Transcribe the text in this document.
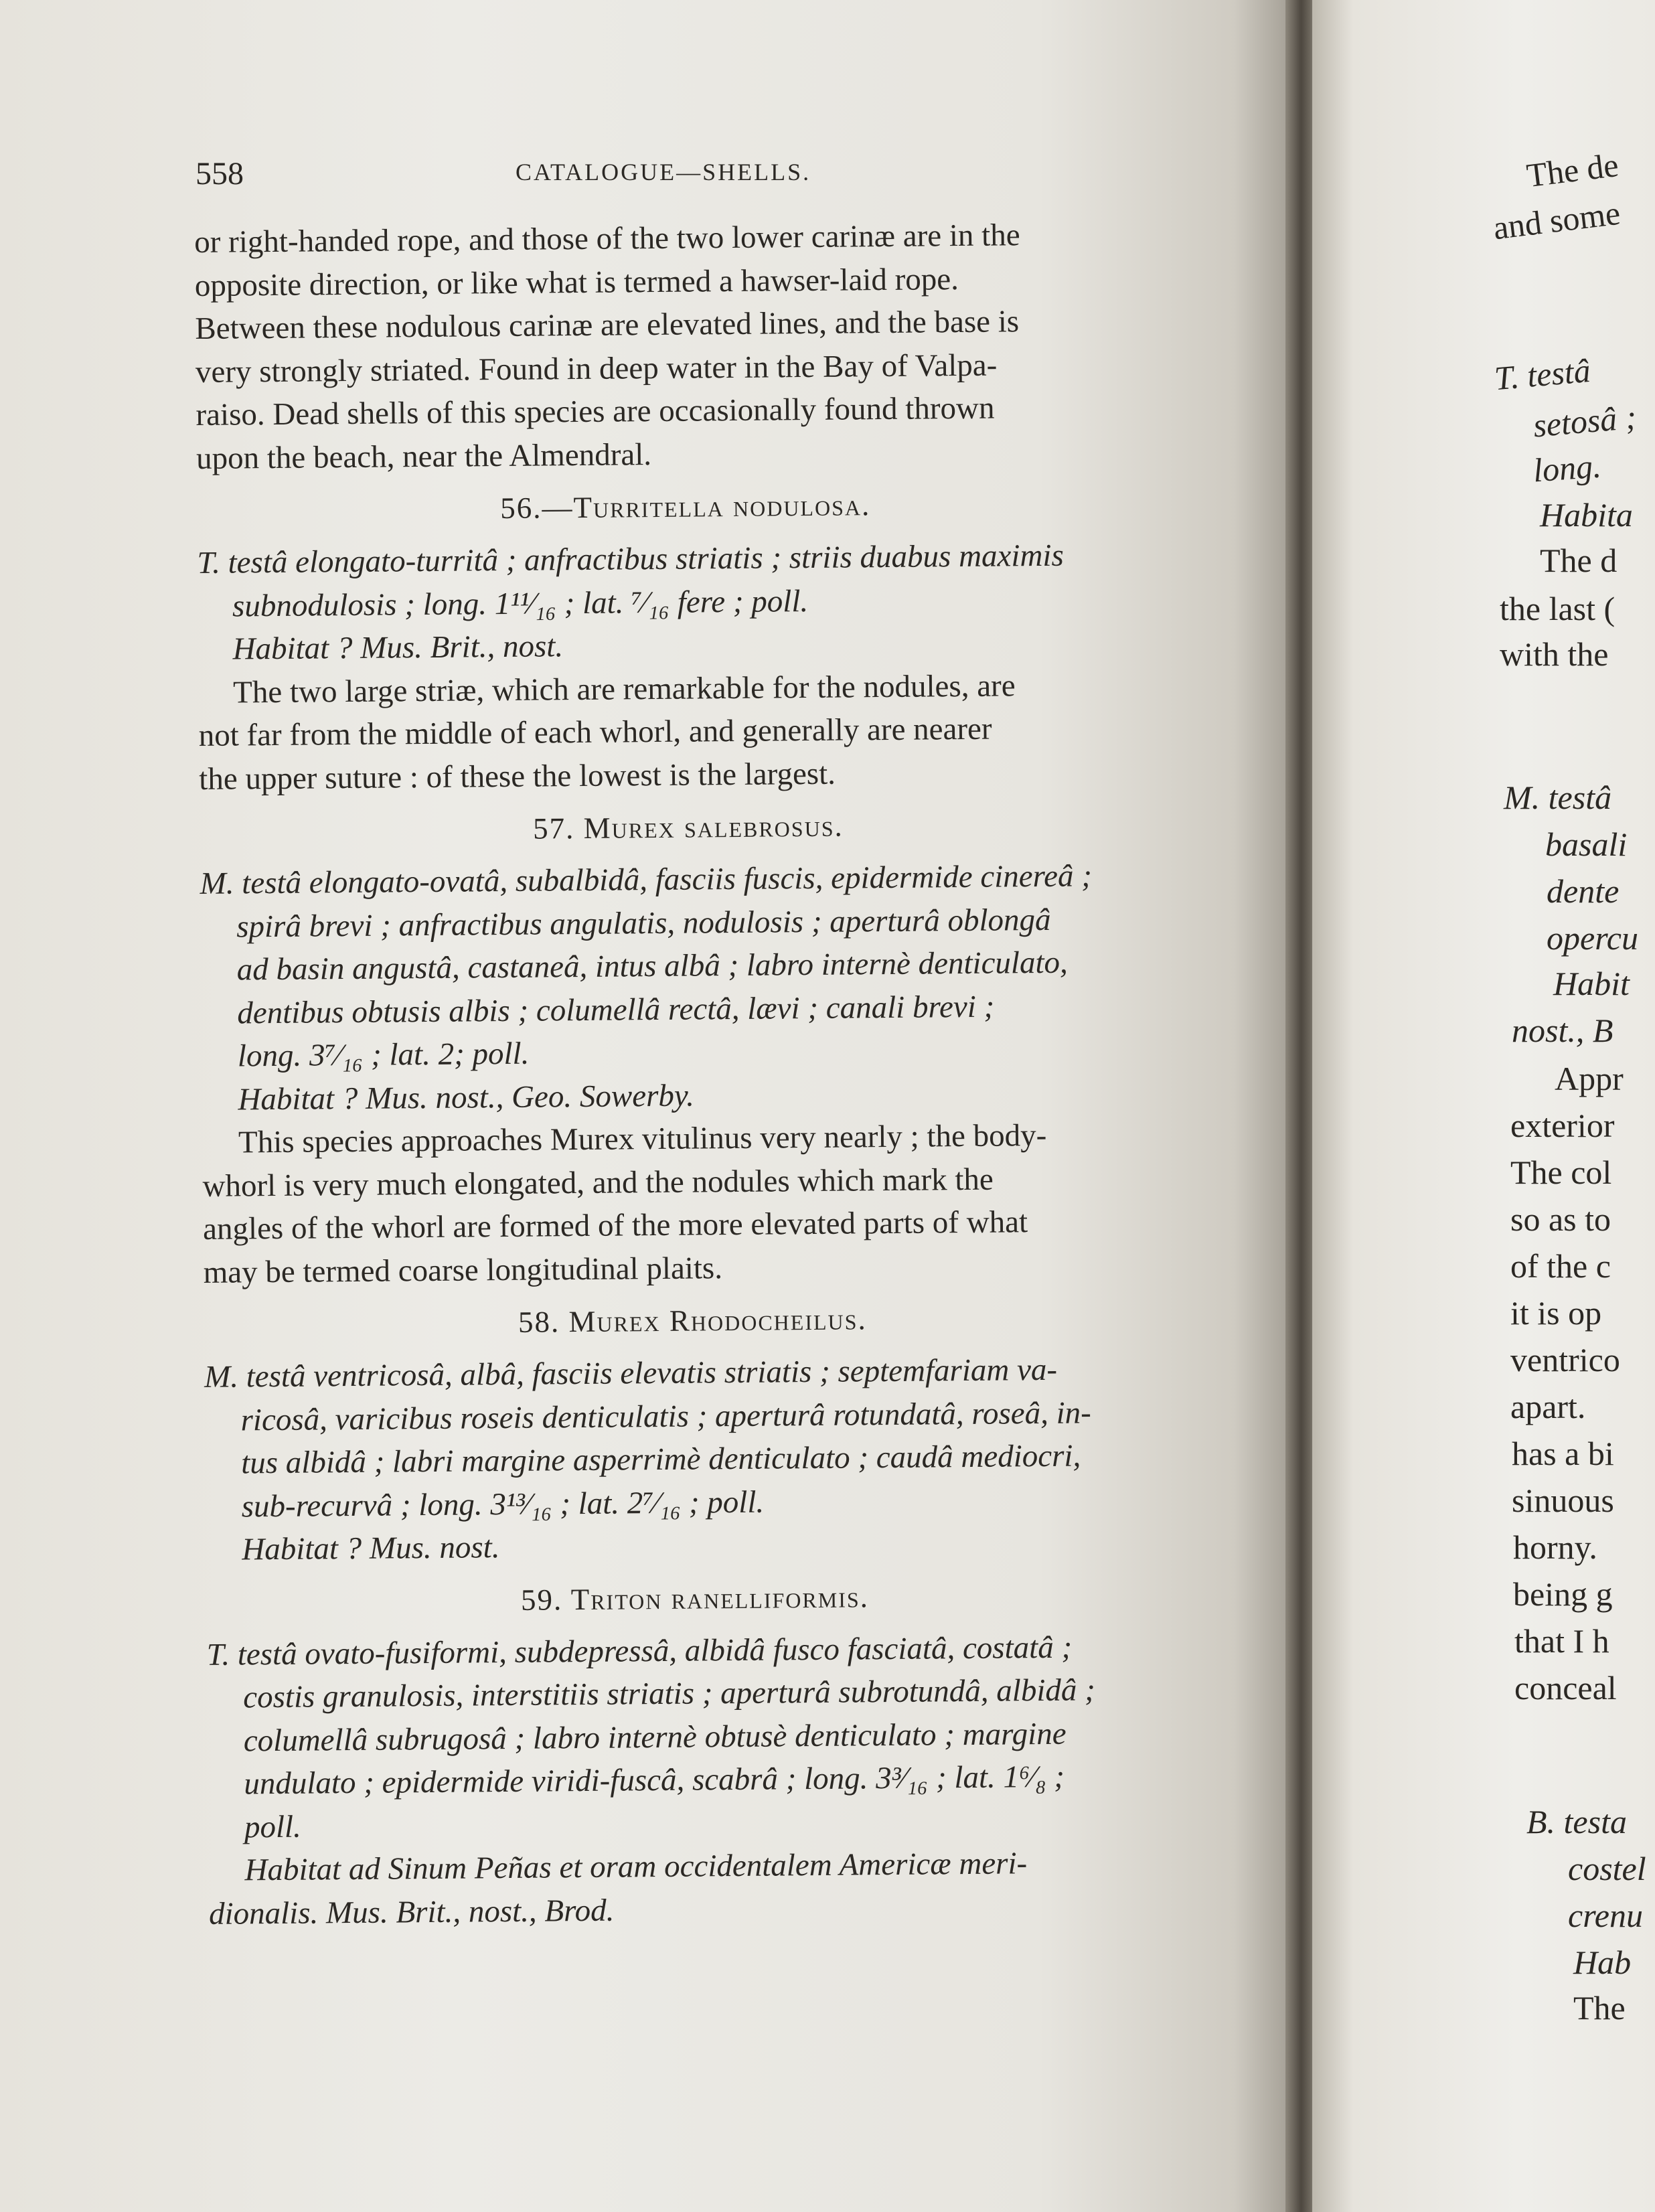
558	CATALOGUE—SHELLS.
or right-handed rope, and those of the two lower carinæ are in the
opposite direction, or like what is termed a hawser-laid rope.
Between these nodulous carinæ are elevated lines, and the base is
very strongly striated. Found in deep water in the Bay of Valpa-
raiso. Dead shells of this species are occasionally found thrown
upon the beach, near the Almendral.
56.—Turritella nodulosa.
T. testâ elongato-turritâ ; anfractibus striatis ; striis duabus maximis
subnodulosis ; long. 1¹¹⁄₁₆ ; lat. ⁷⁄₁₆ fere ; poll.
Habitat ? Mus. Brit., nost.
The two large striæ, which are remarkable for the nodules, are
not far from the middle of each whorl, and generally are nearer
the upper suture : of these the lowest is the largest.
57. Murex salebrosus.
M. testâ elongato-ovatâ, subalbidâ, fasciis fuscis, epidermide cinereâ ;
spirâ brevi ; anfractibus angulatis, nodulosis ; aperturâ oblongâ
ad basin angustâ, castaneâ, intus albâ ; labro internè denticulato,
dentibus obtusis albis ; columellâ rectâ, lævi ; canali brevi ;
long. 3⁷⁄₁₆ ; lat. 2; poll.
Habitat ? Mus. nost., Geo. Sowerby.
This species approaches Murex vitulinus very nearly ; the body-
whorl is very much elongated, and the nodules which mark the
angles of the whorl are formed of the more elevated parts of what
may be termed coarse longitudinal plaits.
58. Murex Rhodocheilus.
M. testâ ventricosâ, albâ, fasciis elevatis striatis ; septemfariam va-
ricosâ, varicibus roseis denticulatis ; aperturâ rotundatâ, roseâ, in-
tus albidâ ; labri margine asperrimè denticulato ; caudâ mediocri,
sub-recurvâ ; long. 3¹³⁄₁₆ ; lat. 2⁷⁄₁₆ ; poll.
Habitat ? Mus. nost.
59. Triton ranelliformis.
T. testâ ovato-fusiformi, subdepressâ, albidâ fusco fasciatâ, costatâ ;
costis granulosis, interstitiis striatis ; aperturâ subrotundâ, albidâ ;
columellâ subrugosâ ; labro internè obtusè denticulato ; margine
undulato ; epidermide viridi-fuscâ, scabrâ ; long. 3³⁄₁₆ ; lat. 1⁶⁄₈ ;
poll.
Habitat ad Sinum Peñas et oram occidentalem Americæ meri-
dionalis. Mus. Brit., nost., Brod.
The de
and some
T. testâ
setosâ ;
long.
Habita
The d
the last (
with the
M. testâ
basali
dente
opercu
Habit
nost., B
Appr
exterior
The col
so as to
of the c
it is op
ventrico
apart.
has a bi
sinuous
horny.
being g
that I h
conceal
B. testa
costel
crenu
Hab
The
